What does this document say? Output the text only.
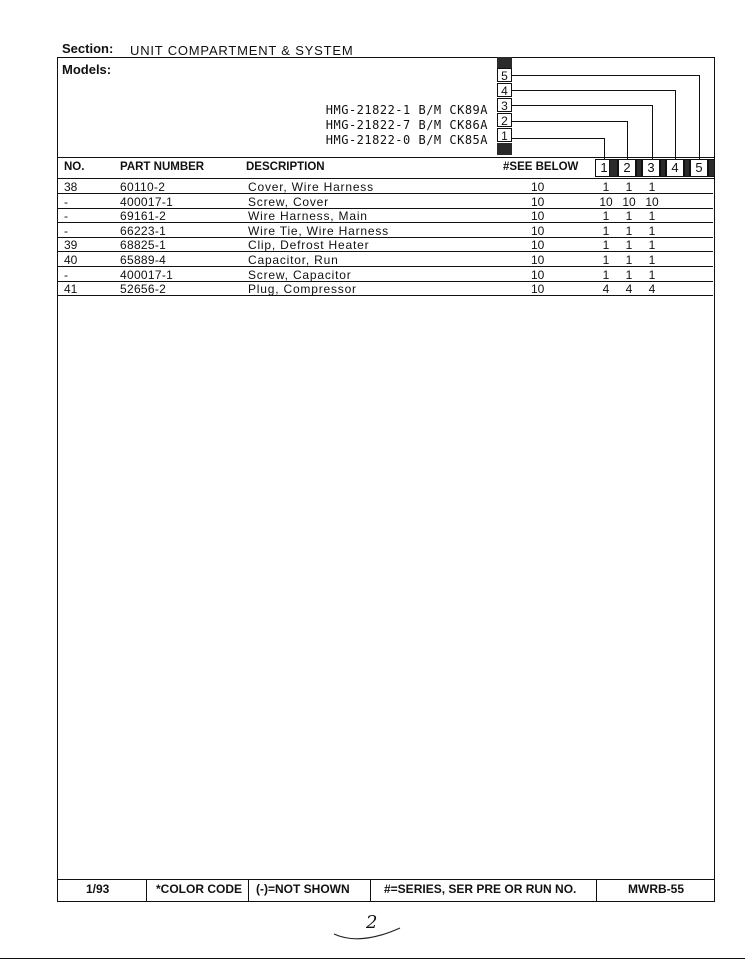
Section: UNIT COMPARTMENT & SYSTEM
Models:
HMG-21822-1 B/M CK89A
HMG-21822-7 B/M CK86A
HMG-21822-0 B/M CK85A
5
4
3
2
1
NO.	PART NUMBER	DESCRIPTION	#SEE BELOW	1	2	3	4	5
38	60110-2	Cover, Wire Harness	10	1	1	1
-	400017-1	Screw, Cover	10	10 10 10
-	69161-2	Wire Harness, Main	10	1	1	1
-	66223-1	Wire Tie, Wire Harness	10	1	1	1
39	68825-1	Clip, Defrost Heater	10	1	1	1
40	65889-4	Capacitor, Run	10	1	1	1
-	400017-1	Screw, Capacitor	10	1	1	1
41	52656-2	Plug, Compressor	10	4	4	4
1/93	*COLOR CODE (-)=NOT SHOWN	#=SERIES, SER PRE OR RUN NO.	MWRB-55
2
